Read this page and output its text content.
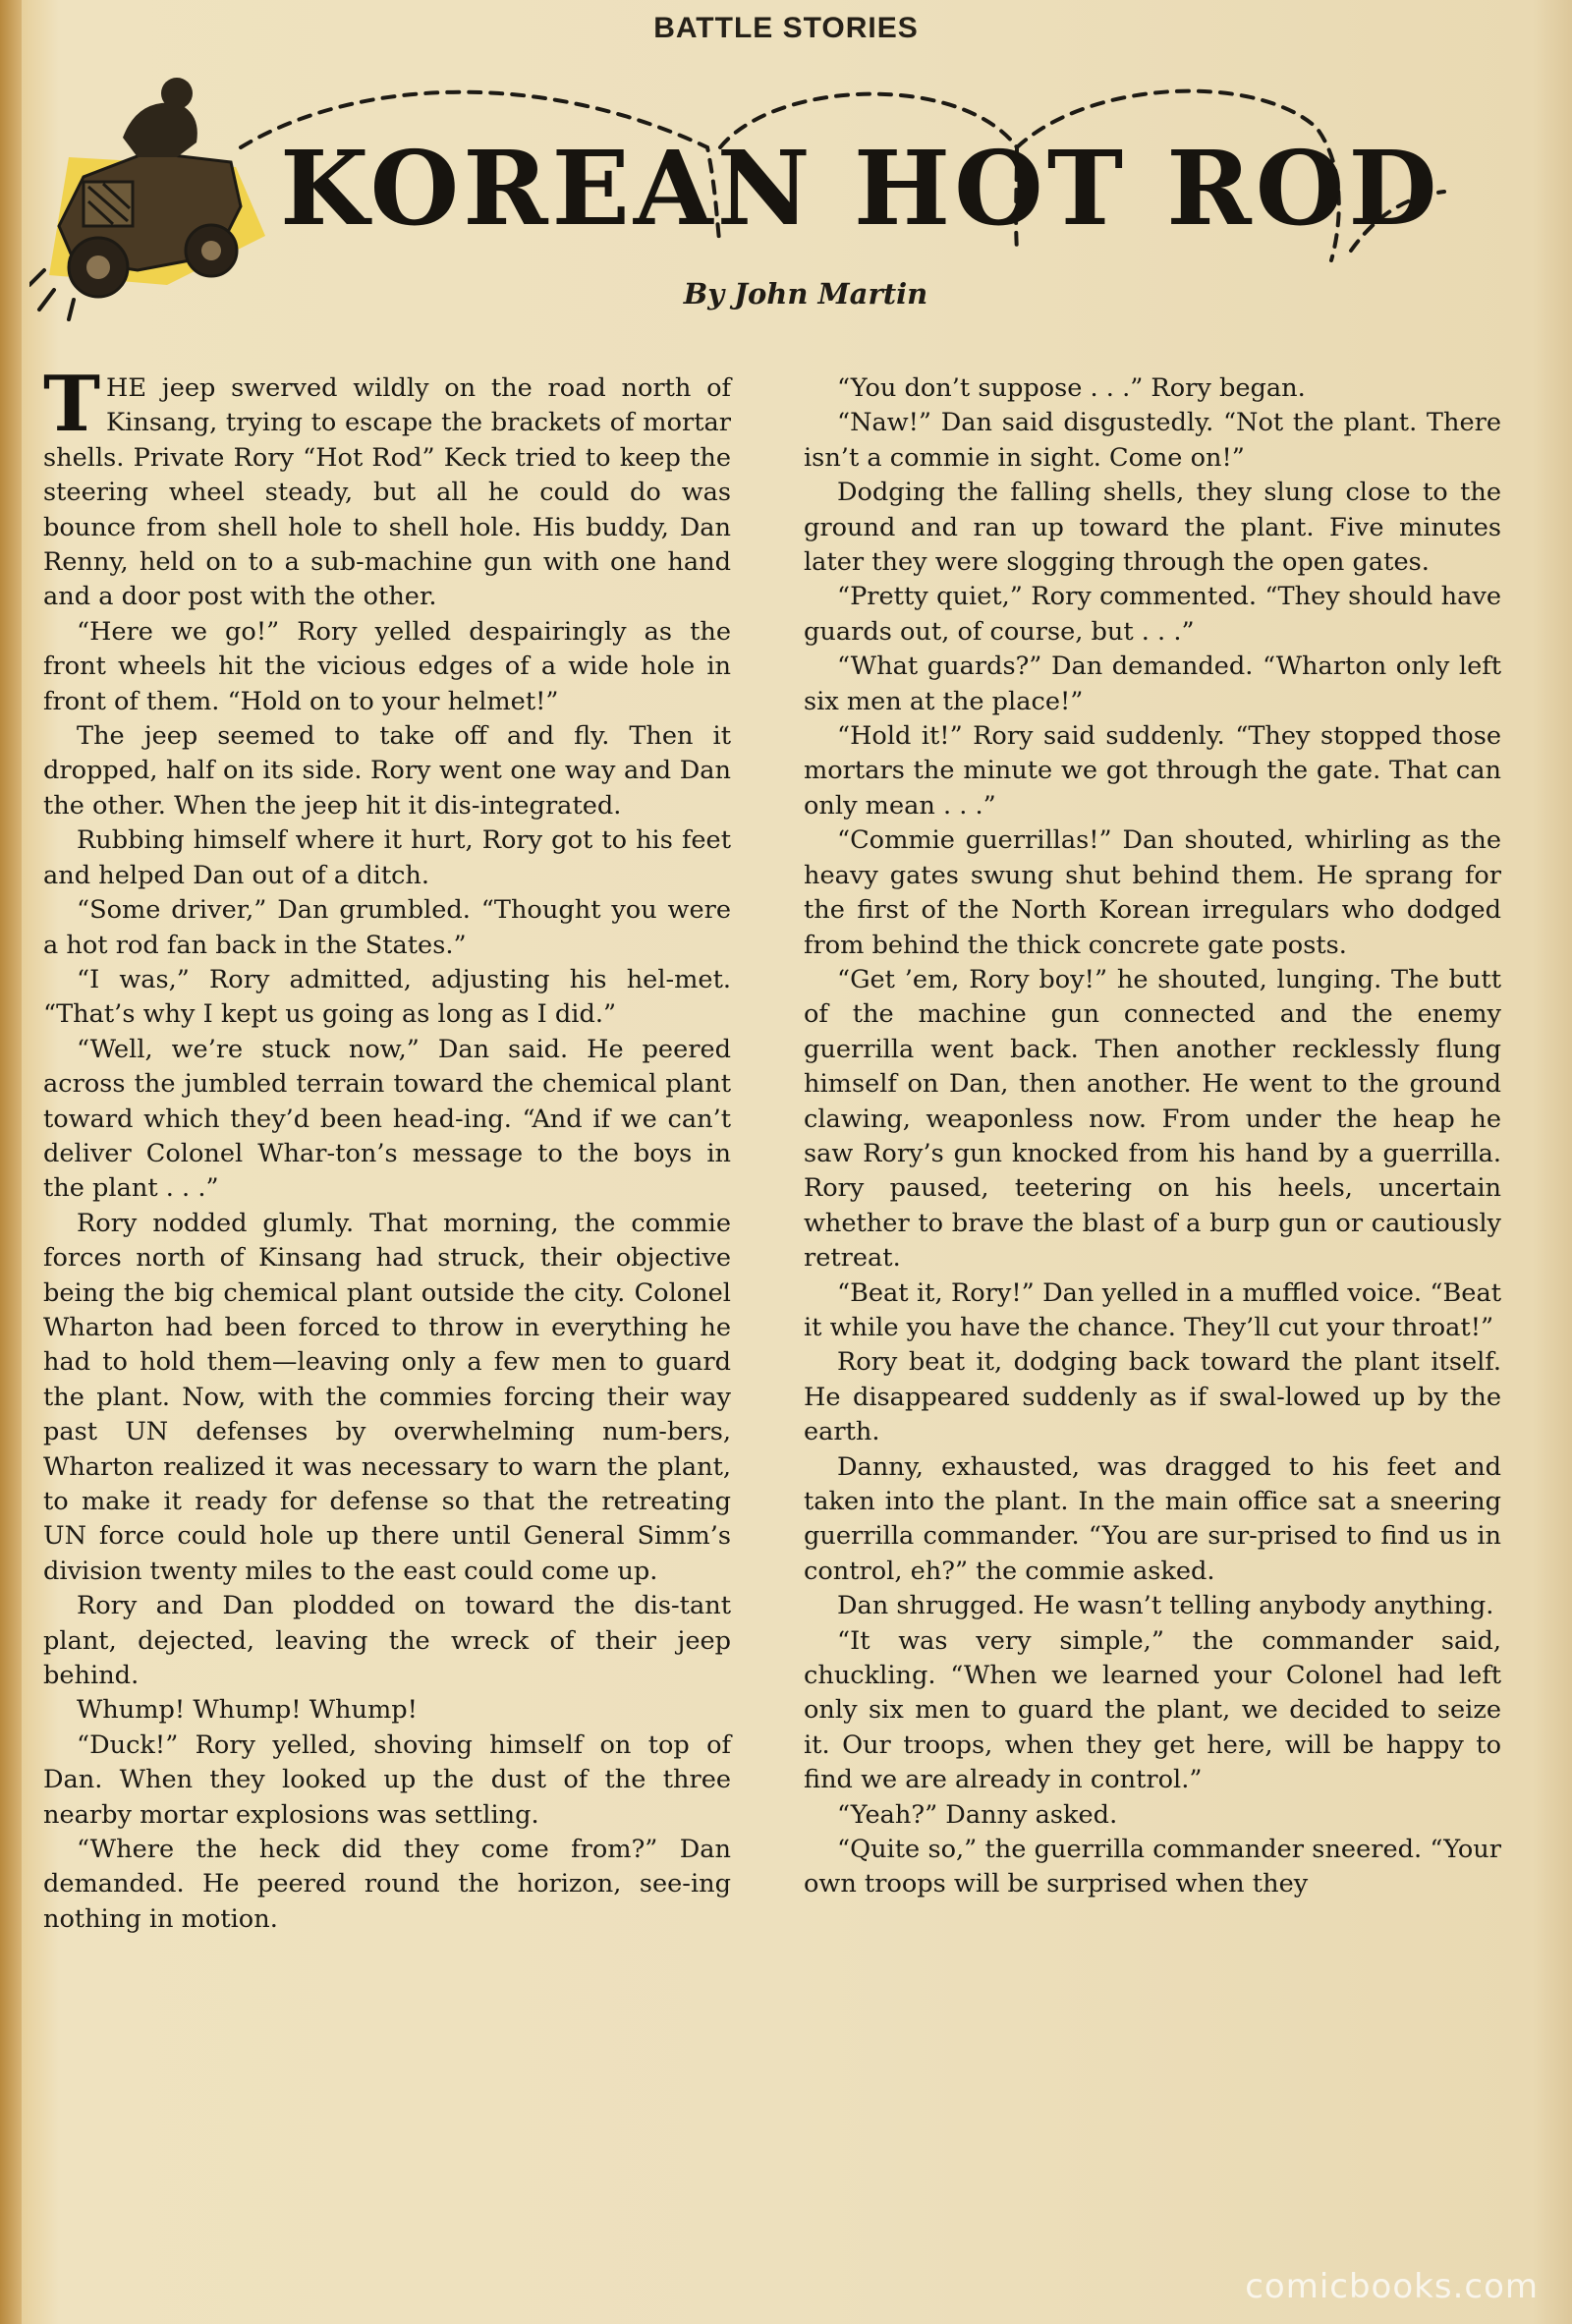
BATTLE STORIES
KOREAN HOT ROD
By John Martin

THE jeep swerved wildly on the road north of Kinsang, trying to escape the brackets of mortar shells. Private Rory “Hot Rod” Keck tried to keep the steering wheel steady, but all he could do was bounce from shell hole to shell hole. His buddy, Dan Renny, held on to a sub-machine gun with one hand and a door post with the other.

“Here we go!” Rory yelled despairingly as the front wheels hit the vicious edges of a wide hole in front of them. “Hold on to your helmet!”

The jeep seemed to take off and fly. Then it dropped, half on its side. Rory went one way and Dan the other. When the jeep hit it dis-integrated.

Rubbing himself where it hurt, Rory got to his feet and helped Dan out of a ditch.

“Some driver,” Dan grumbled. “Thought you were a hot rod fan back in the States.”

“I was,” Rory admitted, adjusting his hel-met. “That’s why I kept us going as long as I did.”

“Well, we’re stuck now,” Dan said. He peered across the jumbled terrain toward the chemical plant toward which they’d been head-ing. “And if we can’t deliver Colonel Whar-ton’s message to the boys in the plant . . .”

Rory nodded glumly. That morning, the commie forces north of Kinsang had struck, their objective being the big chemical plant outside the city. Colonel Wharton had been forced to throw in everything he had to hold them—leaving only a few men to guard the plant. Now, with the commies forcing their way past UN defenses by overwhelming num-bers, Wharton realized it was necessary to warn the plant, to make it ready for defense so that the retreating UN force could hole up there until General Simm’s division twenty miles to the east could come up.

Rory and Dan plodded on toward the dis-tant plant, dejected, leaving the wreck of their jeep behind.

Whump! Whump! Whump!

“Duck!” Rory yelled, shoving himself on top of Dan. When they looked up the dust of the three nearby mortar explosions was settling.

“Where the heck did they come from?” Dan demanded. He peered round the horizon, see-ing nothing in motion.

“You don’t suppose . . .” Rory began.

“Naw!” Dan said disgustedly. “Not the plant. There isn’t a commie in sight. Come on!”

Dodging the falling shells, they slung close to the ground and ran up toward the plant. Five minutes later they were slogging through the open gates.

“Pretty quiet,” Rory commented. “They should have guards out, of course, but . . .”

“What guards?” Dan demanded. “Wharton only left six men at the place!”

“Hold it!” Rory said suddenly. “They stopped those mortars the minute we got through the gate. That can only mean . . .”

“Commie guerrillas!” Dan shouted, whirling as the heavy gates swung shut behind them. He sprang for the first of the North Korean irregulars who dodged from behind the thick concrete gate posts.

“Get ’em, Rory boy!” he shouted, lunging. The butt of the machine gun connected and the enemy guerrilla went back. Then another recklessly flung himself on Dan, then another. He went to the ground clawing, weaponless now. From under the heap he saw Rory’s gun knocked from his hand by a guerrilla. Rory paused, teetering on his heels, uncertain whether to brave the blast of a burp gun or cautiously retreat.

“Beat it, Rory!” Dan yelled in a muffled voice. “Beat it while you have the chance. They’ll cut your throat!”

Rory beat it, dodging back toward the plant itself. He disappeared suddenly as if swal-lowed up by the earth.

Danny, exhausted, was dragged to his feet and taken into the plant. In the main office sat a sneering guerrilla commander. “You are sur-prised to find us in control, eh?” the commie asked.

Dan shrugged. He wasn’t telling anybody anything.

“It was very simple,” the commander said, chuckling. “When we learned your Colonel had left only six men to guard the plant, we decided to seize it. Our troops, when they get here, will be happy to find we are already in control.”

“Yeah?” Danny asked.

“Quite so,” the guerrilla commander sneered. “Your own troops will be surprised when they

comicbooks.com
